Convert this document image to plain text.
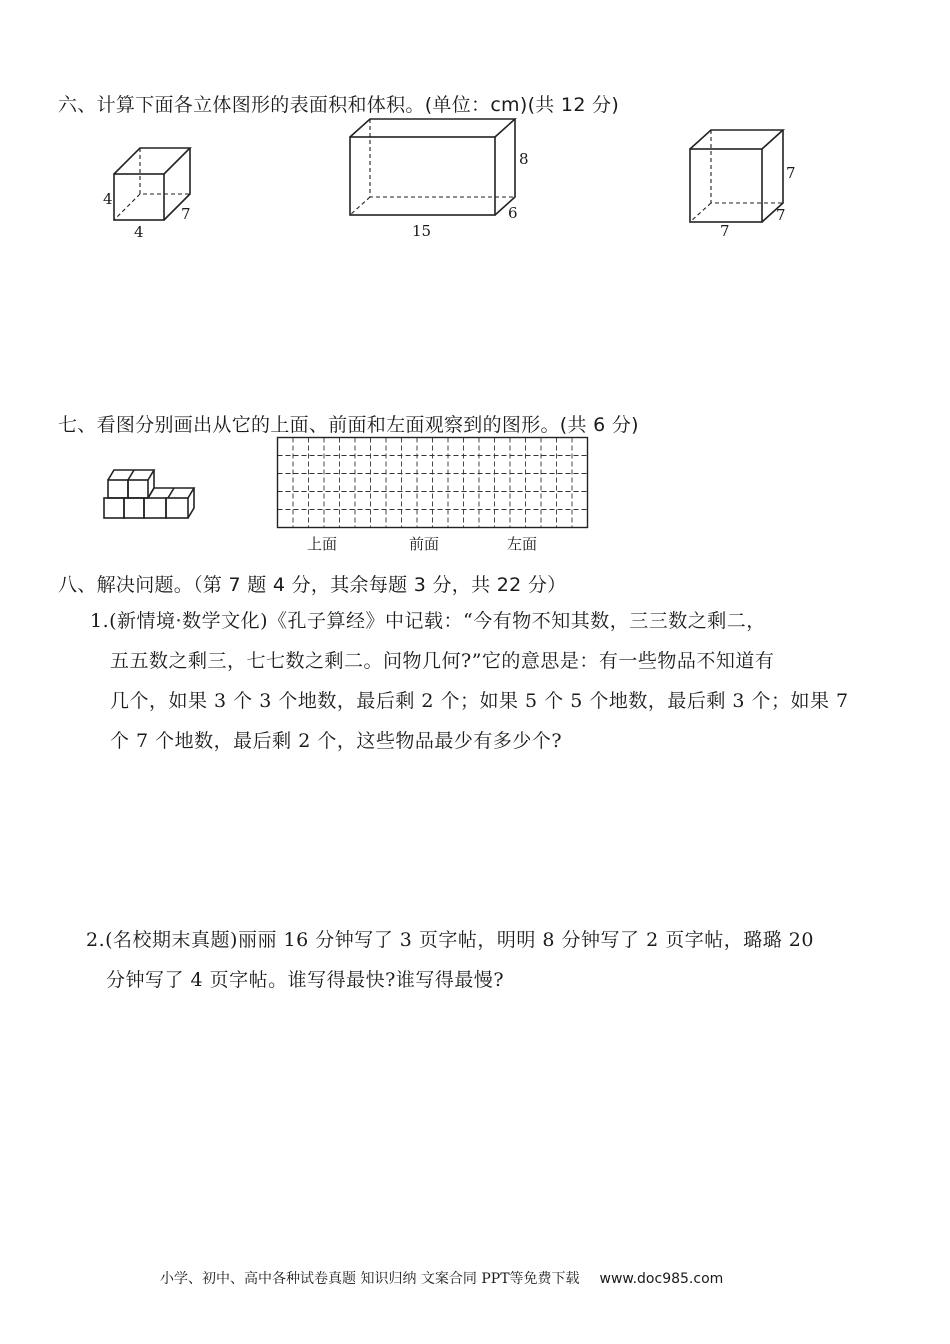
六、计算下面各立体图形的表面积和体积。(单位：cm)(共 12 分)
4
4
7
8
6
15
7
7
7
七、看图分别画出从它的上面、前面和左面观察到的图形。(共 6 分)
上面	前面	左面
八、解决问题。（第 7 题 4 分，其余每题 3 分，共 22 分）
1.(新情境·数学文化)《孔子算经》中记载：“今有物不知其数，三三数之剩二，
五五数之剩三，七七数之剩二。问物几何?”它的意思是：有一些物品不知道有
几个，如果 3 个 3 个地数，最后剩 2 个；如果 5 个 5 个地数，最后剩 3 个；如果 7
个 7 个地数，最后剩 2 个，这些物品最少有多少个?
2.(名校期末真题)丽丽 16 分钟写了 3 页字帖，明明 8 分钟写了 2 页字帖，璐璐 20
分钟写了 4 页字帖。谁写得最快?谁写得最慢?
小学、初中、高中各种试卷真题 知识归纳 文案合同 PPT等免费下载 www.doc985.com
